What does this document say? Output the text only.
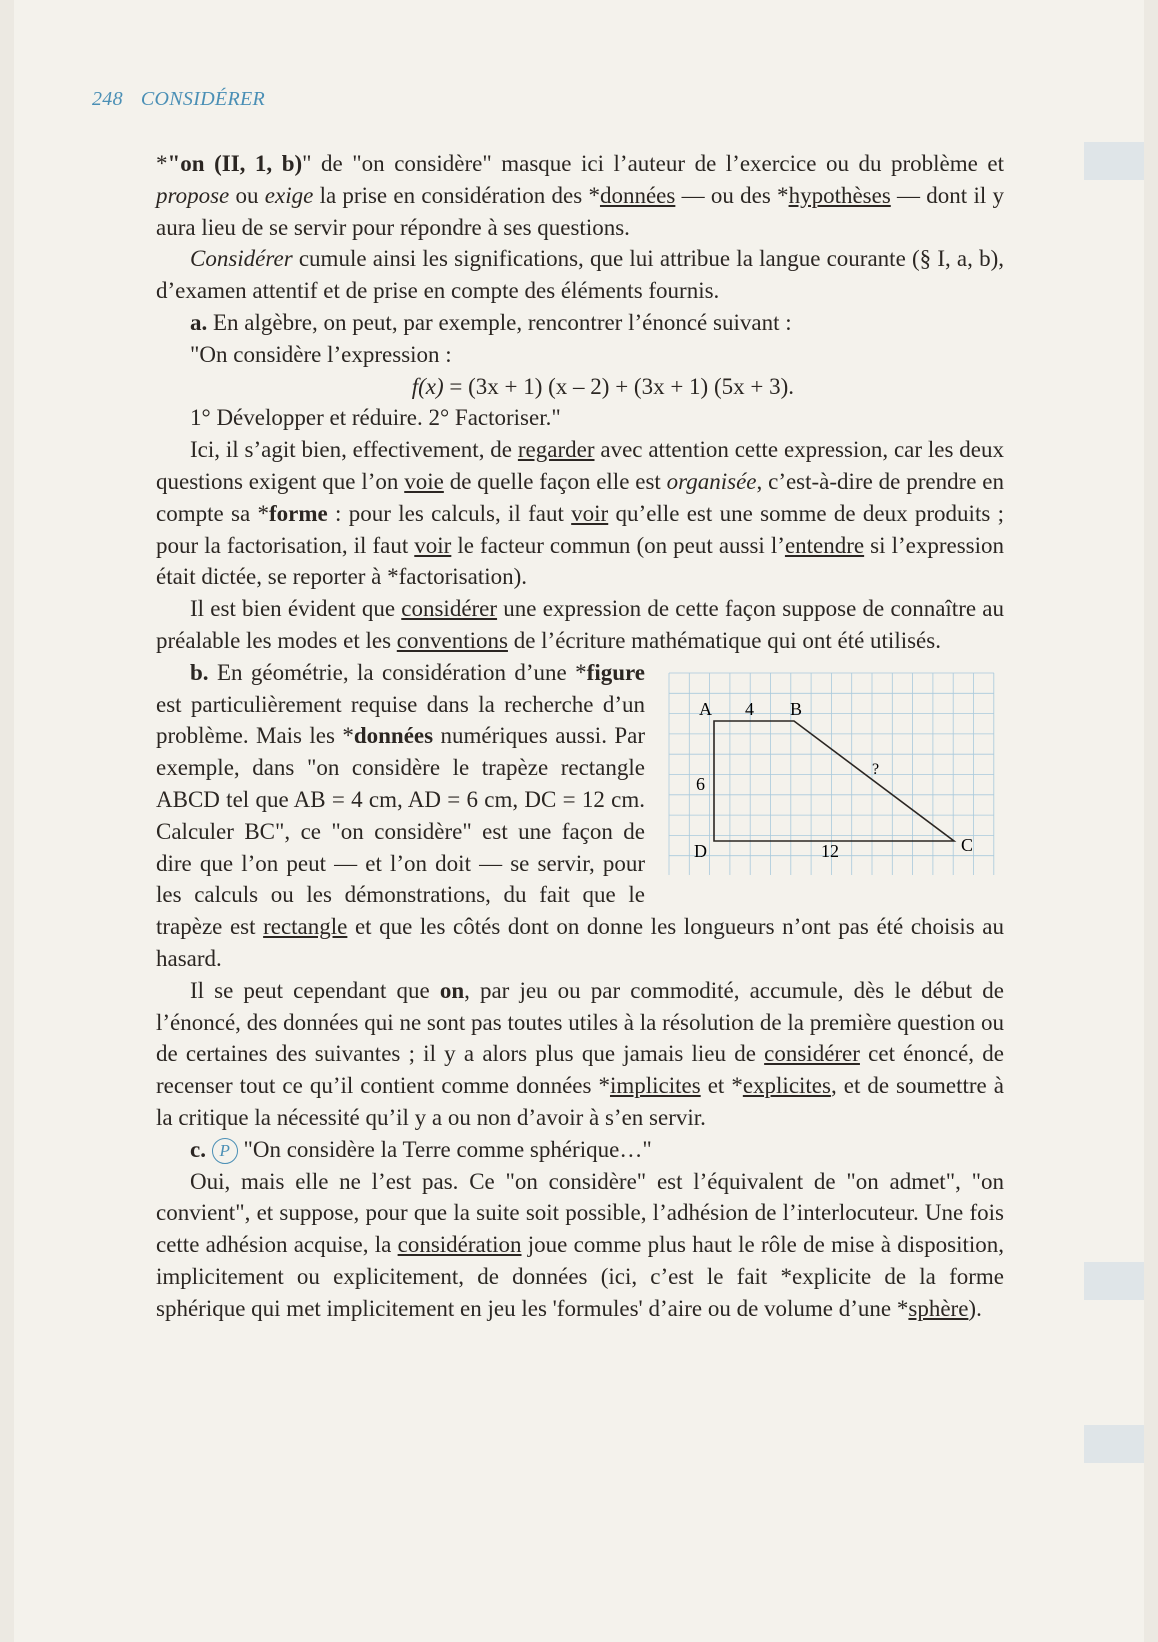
248 CONSIDÉRER

*"on (II, 1, b)" de "on considère" masque ici l’auteur de l’exercice ou du problème et propose ou exige la prise en considération des *données — ou des *hypothèses — dont il y aura lieu de se servir pour répondre à ses questions.

Considérer cumule ainsi les significations, que lui attribue la langue courante (§ I, a, b), d’examen attentif et de prise en compte des éléments fournis.

a. En algèbre, on peut, par exemple, rencontrer l’énoncé suivant :

"On considère l’expression :

f(x) = (3x + 1) (x – 2) + (3x + 1) (5x + 3).

1° Développer et réduire. 2° Factoriser."

Ici, il s’agit bien, effectivement, de regarder avec attention cette expression, car les deux questions exigent que l’on voie de quelle façon elle est organisée, c’est-à-dire de prendre en compte sa *forme : pour les calculs, il faut voir qu’elle est une somme de deux produits ; pour la factorisation, il faut voir le facteur commun (on peut aussi l’entendre si l’expression était dictée, se reporter à *factorisation).

Il est bien évident que considérer une expression de cette façon suppose de connaître au préalable les modes et les conventions de l’écriture mathématique qui ont été utilisés.

A 4 B
6
?
D	12	C

b. En géométrie, la considération d’une *figure est particulièrement requise dans la recherche d’un problème. Mais les *données numériques aussi. Par exemple, dans "on considère le trapèze rectangle ABCD tel que AB = 4 cm, AD = 6 cm, DC = 12 cm. Calculer BC", ce "on considère" est une façon de dire que l’on peut — et l’on doit — se servir, pour les calculs ou les démonstrations, du fait que le trapèze est rectangle et que les côtés dont on donne les longueurs n’ont pas été choisis au hasard.

Il se peut cependant que on, par jeu ou par commodité, accumule, dès le début de l’énoncé, des données qui ne sont pas toutes utiles à la résolution de la première question ou de certaines des suivantes ; il y a alors plus que jamais lieu de considérer cet énoncé, de recenser tout ce qu’il contient comme données *implicites et *explicites, et de soumettre à la critique la nécessité qu’il y a ou non d’avoir à s’en servir.

c. P "On considère la Terre comme sphérique…"

Oui, mais elle ne l’est pas. Ce "on considère" est l’équivalent de "on admet", "on convient", et suppose, pour que la suite soit possible, l’adhésion de l’interlocuteur. Une fois cette adhésion acquise, la considération joue comme plus haut le rôle de mise à disposition, implicitement ou explicitement, de données (ici, c’est le fait *explicite de la forme sphérique qui met implicitement en jeu les 'formules' d’aire ou de volume d’une *sphère).
